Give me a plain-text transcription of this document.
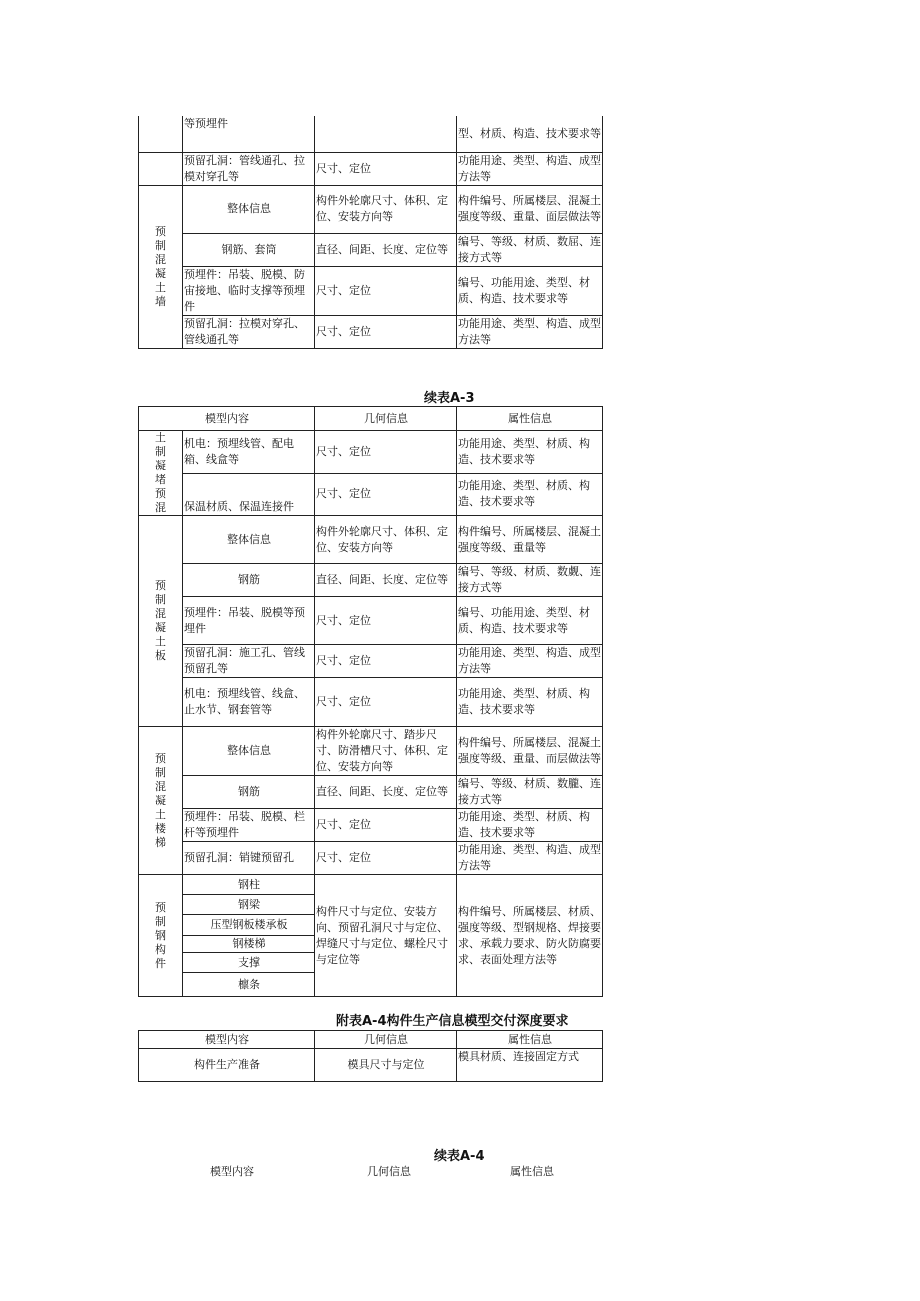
	等预埋件		型、材质、构造、技术要求等
	预留孔洞：管线通孔、拉模对穿孔等	尺寸、定位	功能用途、类型、构造、成型方法等

预制混凝土墙	整体信息	构件外轮廓尺寸、体积、定位、安装方向等	构件编号、所属楼层、混凝土强度等级、重量、面层做法等
	钢筋、套筒	直径、间距、长度、定位等	编号、等级、材质、数屈、连接方式等
	预埋件：吊装、脱模、防宙接地、临时支撑等预埋件	尺寸、定位	编号、功能用途、类型、材质、构造、技术要求等
	预留孔洞：拉模对穿孔、管线通孔等	尺寸、定位	功能用途、类型、构造、成型方法等
续表A-3
模型内容		几何信息	属性信息

土制凝堵预混	机电：预埋线管、配电箱、线盒等	尺寸、定位	功能用途、类型、材质、构造、技术要求等
	保温材质、保温连接件	尺寸、定位	功能用途、类型、材质、构造、技术要求等

预制混凝土板	整体信息	构件外轮廓尺寸、体积、定位、安装方向等	构件编号、所属楼层、混凝土强度等级、重量等
	钢筋	直径、间距、长度、定位等	编号、等级、材质、数觑、连接方式等
	预埋件：吊装、脱模等预埋件	尺寸、定位	编号、功能用途、类型、材质、构造、技术要求等
	预留孔洞：施工孔、管线预留孔等	尺寸、定位	功能用途、类型、构造、成型方法等
	机电：预埋线管、线盒、止水节、钢套管等	尺寸、定位	功能用途、类型、材质、构造、技术要求等

预制混凝土楼梯	整体信息	构件外轮廓尺寸、踏步尺寸、防滑槽尺寸、体积、定位、安装方向等	构件编号、所属楼层、混凝土强度等级、重量、而层做法等
	钢筋	直径、间距、长度、定位等	编号、等级、材质、数朧、连接方式等
	预埋件：吊装、脱模、栏杆等预埋件	尺寸、定位	功能用途、类型、材质、构造、技术要求等
	预留孔洞：销键预留孔	尺寸、定位	功能用途、类型、构造、成型方法等

预制钢构件	钢柱	构件尺寸与定位、安装方向、预留孔洞尺寸与定位、焊缝尺寸与定位、螺栓尺寸与定位等	构件编号、所属楼层、材质、强度等级、型钢规格、焊接要求、承载力要求、防火防腐要求、表面处理方法等
	钢梁		
	压型钢板楼承板		
	钢楼梯		
	支撑		
	檩条		
附表A-4构件生产信息模型交付深度要求
模型内容	几何信息	属性信息
构件生产准备	模具尺寸与定位	模具材质、连接固定方式
续表A-4
模型内容	几何信息	属性信息
